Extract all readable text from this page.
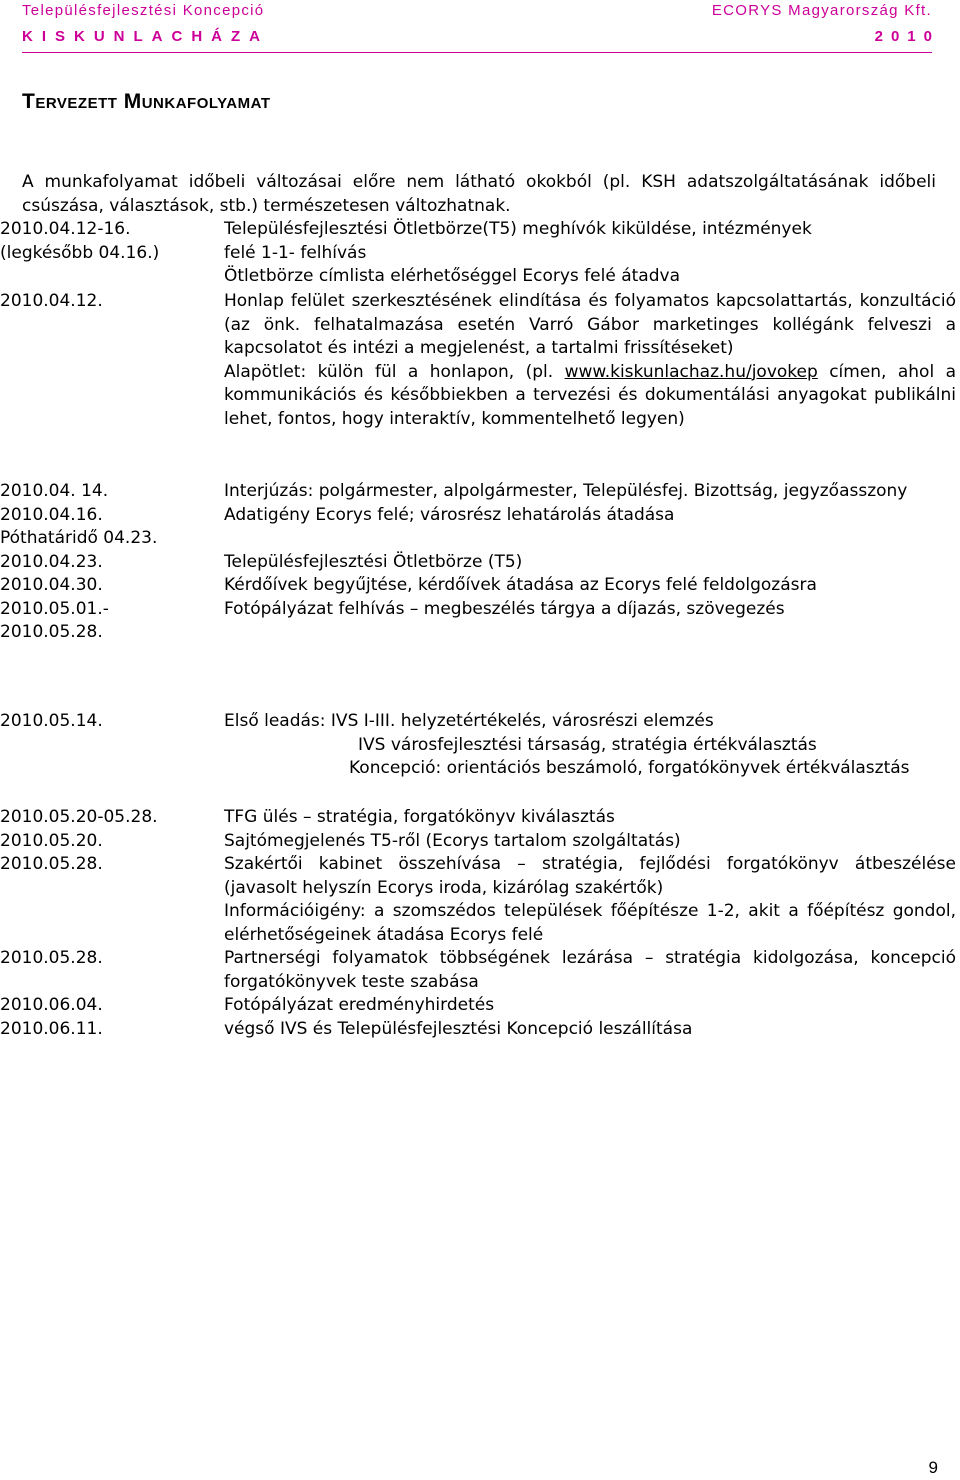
Településfejlesztési Koncepció	ECORYS Magyarország Kft.
KISKUNLACHÁZA	2010
Tervezett Munkafolyamat
A munkafolyamat időbeli változásai előre nem látható okokból (pl. KSH adatszolgáltatásának időbeli csúszása, választások, stb.) természetesen változhatnak.
2010.04.12-16.	Településfejlesztési Ötletbörze(T5) meghívók kiküldése, intézmények
(legkésőbb 04.16.)	felé 1-1- felhívás
Ötletbörze címlista elérhetőséggel Ecorys felé átadva
2010.04.12.	Honlap felület szerkesztésének elindítása és folyamatos kapcsolattartás, konzultáció (az önk. felhatalmazása esetén Varró Gábor marketinges kollégánk felveszi a kapcsolatot és intézi a megjelenést, a tartalmi frissítéseket)
Alapötlet: külön fül a honlapon, (pl. www.kiskunlachaz.hu/jovokep címen, ahol a kommunikációs és későbbiekben a tervezési és dokumentálási anyagokat publikálni lehet, fontos, hogy interaktív, kommentelhető legyen)
2010.04. 14.	Interjúzás: polgármester, alpolgármester, Településfej. Bizottság, jegyzőasszony
2010.04.16.	Adatigény Ecorys felé; városrész lehatárolás átadása
Póthatáridő 04.23.
2010.04.23.	Településfejlesztési Ötletbörze (T5)
2010.04.30.	Kérdőívek begyűjtése, kérdőívek átadása az Ecorys felé feldolgozásra
2010.05.01.-	Fotópályázat felhívás – megbeszélés tárgya a díjazás, szövegezés
2010.05.28.
2010.05.14.	Első leadás: IVS I-III. helyzetértékelés, városrészi elemzés
IVS városfejlesztési társaság, stratégia értékválasztás
Koncepció: orientációs beszámoló, forgatókönyvek értékválasztás
2010.05.20-05.28.	TFG ülés – stratégia, forgatókönyv kiválasztás
2010.05.20.	Sajtómegjelenés T5-ről (Ecorys tartalom szolgáltatás)
2010.05.28.	Szakértői kabinet összehívása – stratégia, fejlődési forgatókönyv átbeszélése (javasolt helyszín Ecorys iroda, kizárólag szakértők)
Információigény: a szomszédos települések főépítésze 1-2, akit a főépítész gondol, elérhetőségeinek átadása Ecorys felé
2010.05.28.	Partnerségi folyamatok többségének lezárása – stratégia kidolgozása, koncepció forgatókönyvek teste szabása
2010.06.04.	Fotópályázat eredményhirdetés
2010.06.11.	végső IVS és Településfejlesztési Koncepció leszállítása
9
